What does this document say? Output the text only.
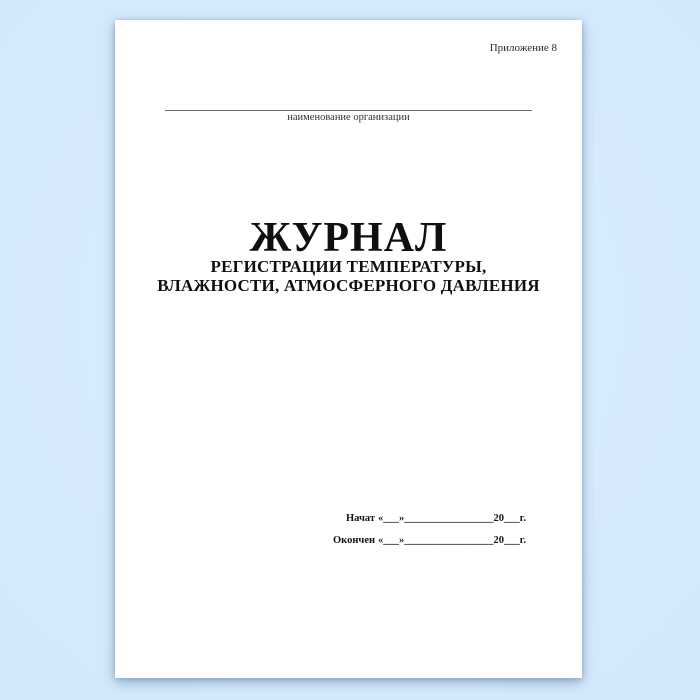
Приложение 8
наименование организации
ЖУРНАЛ
РЕГИСТРАЦИИ ТЕМПЕРАТУРЫ,
ВЛАЖНОСТИ, АТМОСФЕРНОГО ДАВЛЕНИЯ
Начат «___»_________________20___г.
Окончен «___»_________________20___г.
